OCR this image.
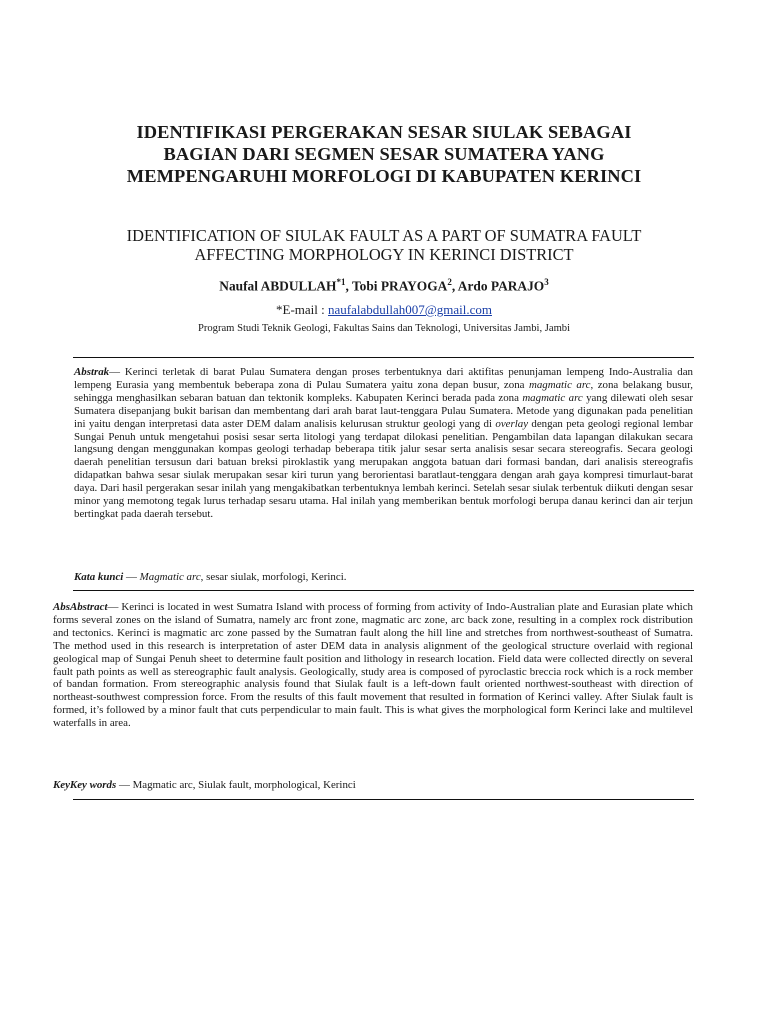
IDENTIFIKASI PERGERAKAN SESAR SIULAK SEBAGAI
BAGIAN DARI SEGMEN SESAR SUMATERA YANG
MEMPENGARUHI MORFOLOGI DI KABUPATEN KERINCI
IDENTIFICATION OF SIULAK FAULT AS A PART OF SUMATRA FAULT
AFFECTING MORPHOLOGY IN KERINCI DISTRICT
Naufal ABDULLAH$^{*1}$, Tobi PRAYOGA$^2$, Ardo PARAJO$^3$
*E-mail : naufalabdullah007@gmail.com
Program Studi Teknik Geologi, Fakultas Sains dan Teknologi, Universitas Jambi, Jambi
Abstrak— Kerinci terletak di barat Pulau Sumatera dengan proses terbentuknya dari aktifitas penunjaman lempeng Indo-Australia dan lempeng Eurasia yang membentuk beberapa zona di Pulau Sumatera yaitu zona depan busur, zona magmatic arc, zona belakang busur, sehingga menghasilkan sebaran batuan dan tektonik kompleks. Kabupaten Kerinci berada pada zona magmatic arc yang dilewati oleh sesar Sumatera disepanjang bukit barisan dan membentang dari arah barat laut-tenggara Pulau Sumatera. Metode yang digunakan pada penelitian ini yaitu dengan interpretasi data aster DEM dalam analisis kelurusan struktur geologi yang di overlay dengan peta geologi regional lembar Sungai Penuh untuk mengetahui posisi sesar serta litologi yang terdapat dilokasi penelitian. Pengambilan data lapangan dilakukan secara langsung dengan menggunakan kompas geologi terhadap beberapa titik jalur sesar serta analisis sesar secara stereografis. Secara geologi daerah penelitian tersusun dari batuan breksi piroklastik yang merupakan anggota batuan dari formasi bandan, dari analisis stereografis didapatkan bahwa sesar siulak merupakan sesar kiri turun yang berorientasi baratlaut-tenggara dengan arah gaya kompresi timurlaut-barat daya. Dari hasil pergerakan sesar inilah yang mengakibatkan terbentuknya lembah kerinci. Setelah sesar siulak terbentuk diikuti dengan sesar minor yang memotong tegak lurus terhadap sesaru utama. Hal inilah yang memberikan bentuk morfologi berupa danau kerinci dan air terjun bertingkat pada daerah tersebut.
Kata kunci — Magmatic arc, sesar siulak, morfologi, Kerinci.
AbsAbstract— Kerinci is located in west Sumatra Island with process of forming from activity of Indo-Australian plate and Eurasian plate which forms several zones on the island of Sumatra, namely arc front zone, magmatic arc zone, arc back zone, resulting in a complex rock distribution and tectonics. Kerinci is magmatic arc zone passed by the Sumatran fault along the hill line and stretches from northwest-southeast of Sumatra. The method used in this research is interpretation of aster DEM data in analysis alignment of the geological structure overlaid with regional geological map of Sungai Penuh sheet to determine fault position and lithology in research location. Field data were collected directly on several fault path points as well as stereographic fault analysis. Geologically, study area is composed of pyroclastic breccia rock which is a rock member of bandan formation. From stereographic analysis found that Siulak fault is a left-down fault oriented northwest-southeast with direction of northeast-southwest compression force. From the results of this fault movement that resulted in formation of Kerinci valley. After Siulak fault is formed, it’s followed by a minor fault that cuts perpendicular to main fault. This is what gives the morphological form Kerinci lake and multilevel waterfalls in area.
KeyKey words — Magmatic arc, Siulak fault, morphological, Kerinci
